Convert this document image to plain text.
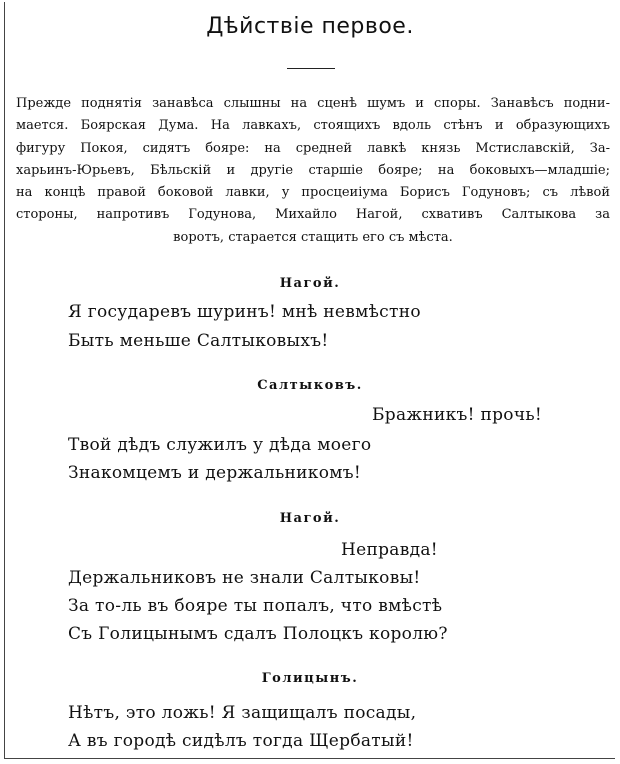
Дѣйствіе первое.
Прежде поднятія занавѣса слышны на сценѣ шумъ и споры. Занавѣсъ подни-
мается. Боярская Дума. На лавкахъ, стоящихъ вдоль стѣнъ и образующихъ
фигуру Покоя, сидятъ бояре: на средней лавкѣ князь Мстиславскій, За-
харьинъ-Юрьевъ, Бѣльскій и другіе старшіе бояре; на боковыхъ—младшіе;
на концѣ правой боковой лавки, у просцеиіума Борисъ Годуновъ; съ лѣвой
стороны, напротивъ Годунова, Михайло Нагой, схвативъ Салтыкова за
воротъ, старается стащить его съ мѣста.
Нагой.
Я государевъ шуринъ! мнѣ невмѣстно
Быть меньше Салтыковыхъ!
Салтыковъ.
Бражникъ! прочь!
Твой дѣдъ служилъ у дѣда моего
Знакомцемъ и держальникомъ!
Нагой.
Неправда!
Держальниковъ не знали Салтыковы!
За то-ль въ бояре ты попалъ, что вмѣстѣ
Съ Голицынымъ сдалъ Полоцкъ королю?
Голицынъ.
Нѣтъ, это ложь! Я защищалъ посады,
А въ городѣ сидѣлъ тогда Щербатый!
